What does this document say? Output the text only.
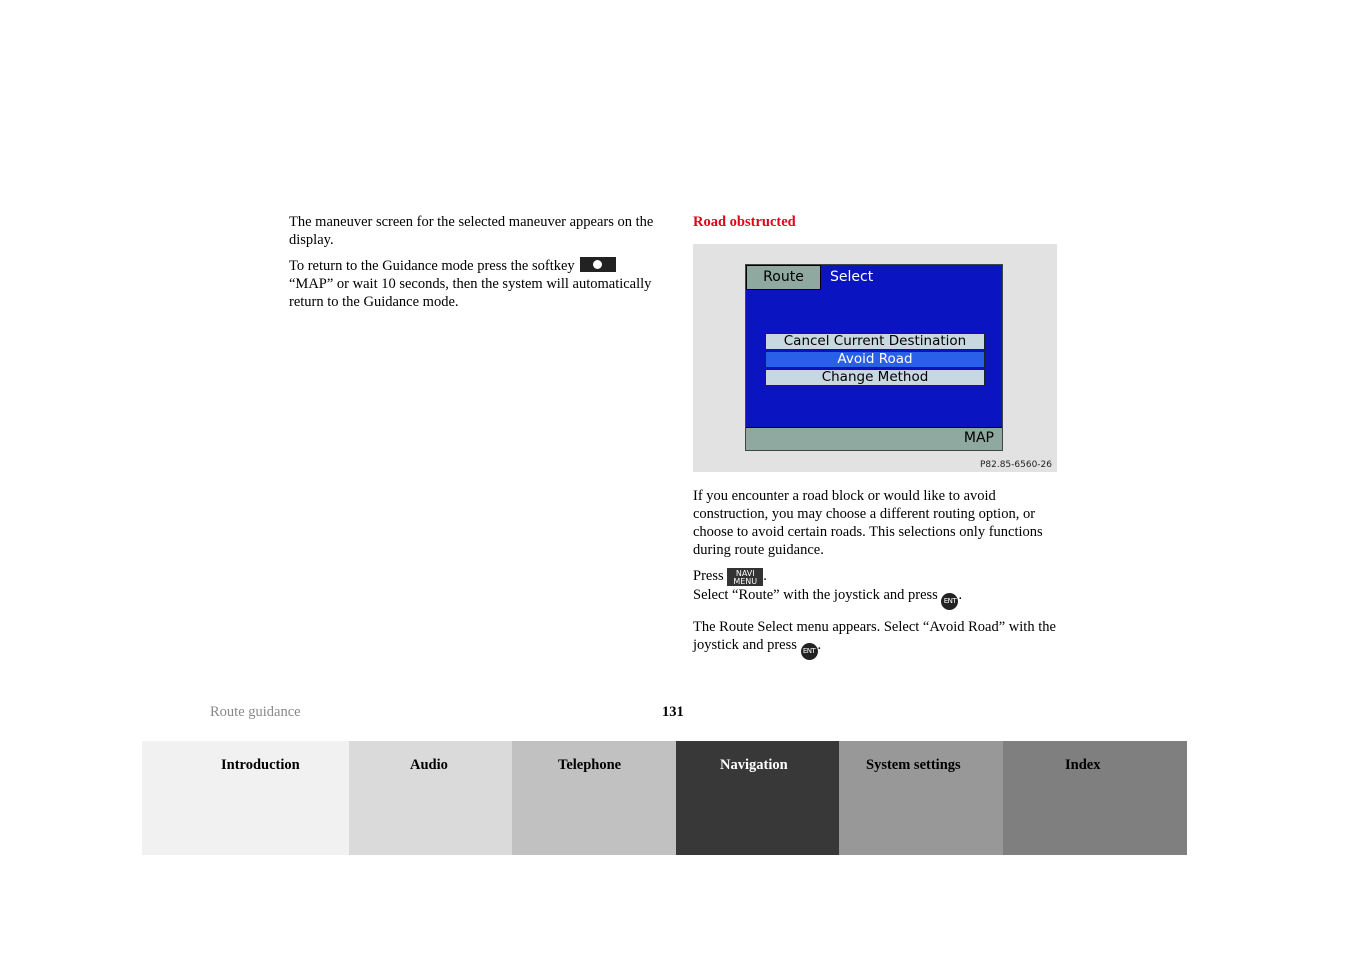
The maneuver screen for the selected maneuver appears on the display.

To return to the Guidance mode press the softkey
“MAP” or wait 10 seconds, then the system will automatically return to the Guidance mode.

Road obstructed

Route	Select
Cancel Current Destination
Avoid Road
Change Method
MAP
P82.85-6560-26

If you encounter a road block or would like to avoid construction, you may choose a different routing option, or choose to avoid certain roads. This selections only functions during route guidance.

Press NAVI
MENU .
Select “Route” with the joystick and press ENT .

The Route Select menu appears. Select “Avoid Road” with the joystick and press ENT .

Route guidance	131
Introduction	Audio	Telephone	Navigation	System settings	Index
